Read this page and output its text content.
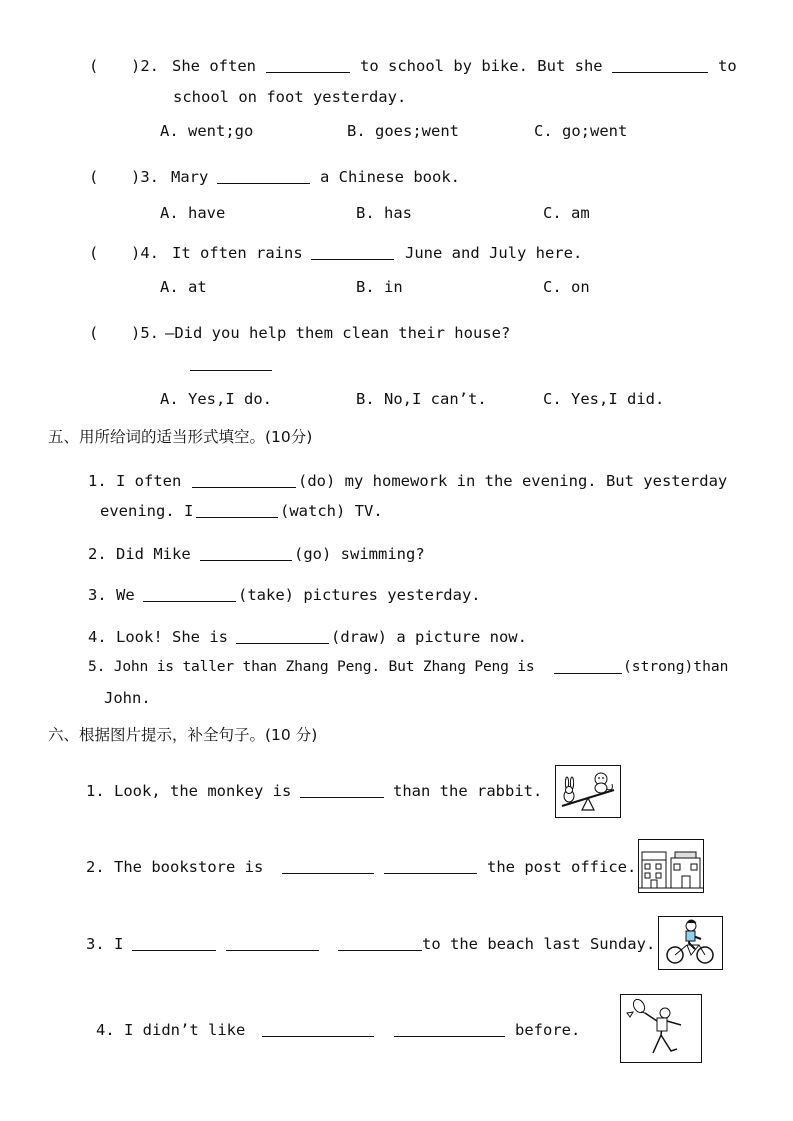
( )2. She often	to school by bike. But she	to
school on foot yesterday.
A. went;go	B. goes;went	C. go;went
( )3. Mary	a Chinese book.
A. have	B. has	C. am
( )4. It often rains	June and July here.
A. at	B. in	C. on
( )5. —Did you help them clean their house?
A. Yes,I do.	B. No,I can’t.	C. Yes,I did.
五、用所给词的适当形式填空。(10分)
1. I often	(do) my homework in the evening. But yesterday
evening. I	(watch) TV.
2. Did Mike	(go) swimming?
3. We	(take) pictures yesterday.
4. Look! She is	(draw) a picture now.
5. John is taller than Zhang Peng. But Zhang Peng is	(strong)than
John.
六、根据图片提示，补全句子。(10 分)
1. Look, the monkey is	than the rabbit.
2. The bookstore is	the post office.
3. I	to the beach last Sunday.
4. I didn’t like	before.
